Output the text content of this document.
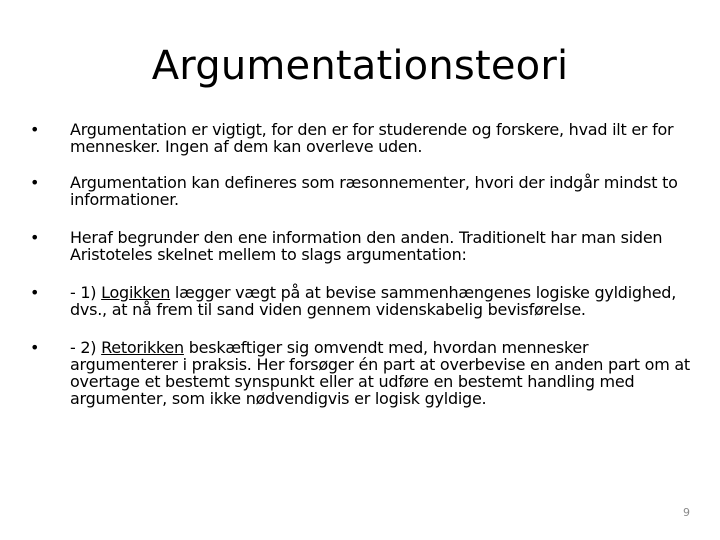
Argumentationsteori
•	Argumentation er vigtigt, for den er for studerende og forskere, hvad ilt er for mennesker. Ingen af dem kan overleve uden.
•	Argumentation kan defineres som ræsonnementer, hvori der indgår mindst to informationer.
•	Heraf begrunder den ene information den anden. Traditionelt har man siden Aristoteles skelnet mellem to slags argumentation:
•	- 1) Logikken lægger vægt på at bevise sammenhængenes logiske gyldighed, dvs., at nå frem til sand viden gennem videnskabelig bevisførelse.
•	- 2) Retorikken beskæftiger sig omvendt med, hvordan mennesker argumenterer i praksis. Her forsøger én part at overbevise en anden part om at overtage et bestemt synspunkt eller at udføre en bestemt handling med argumenter, som ikke nødvendigvis er logisk gyldige.
9
